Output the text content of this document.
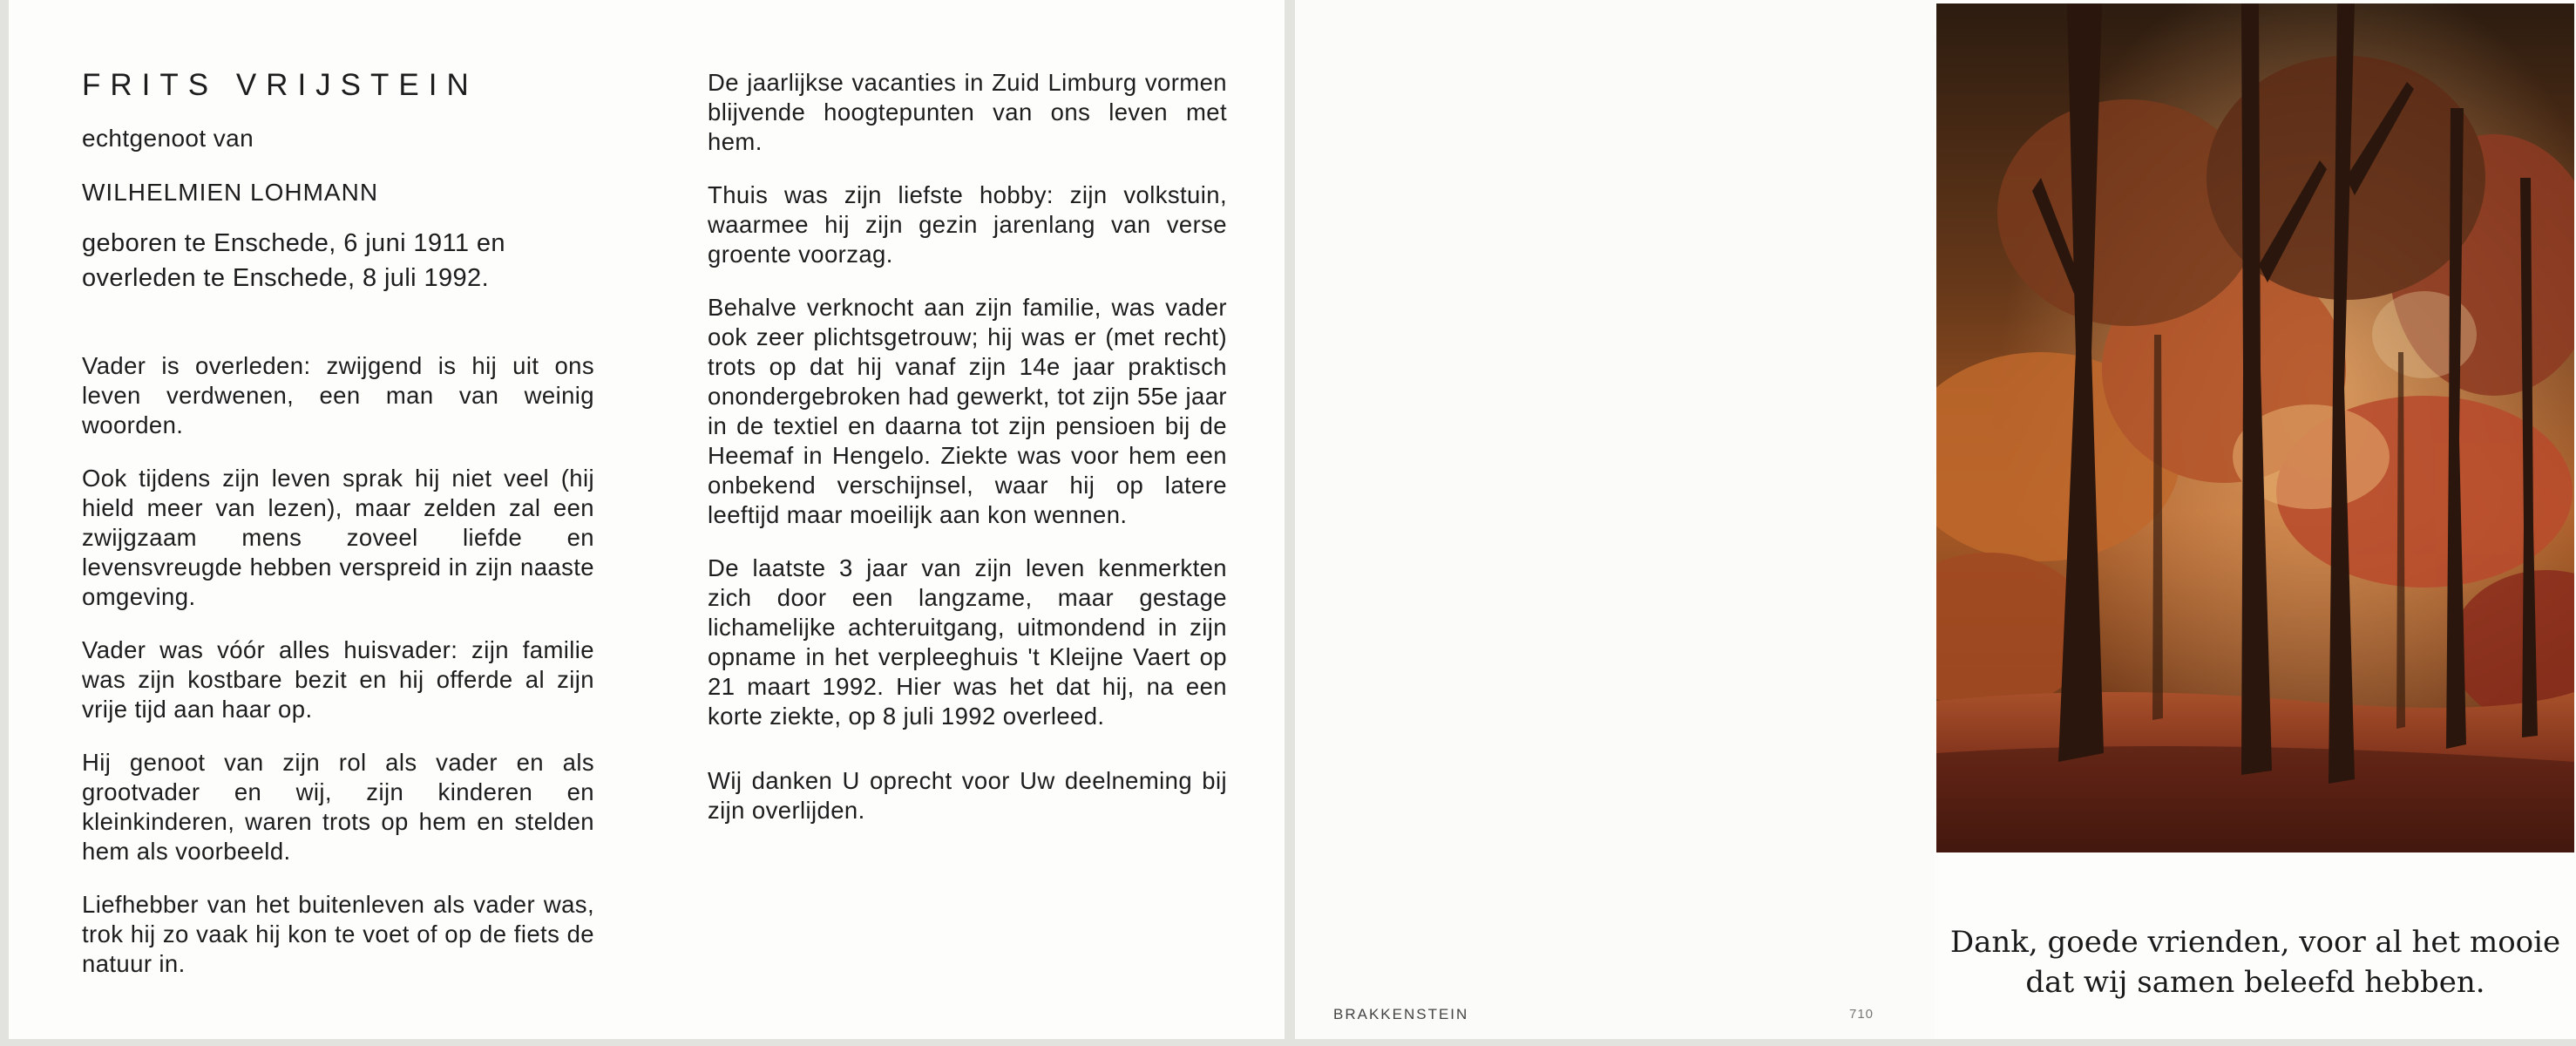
FRITS VRIJSTEIN

echtgenoot van

WILHELMIEN LOHMANN

geboren te Enschede, 6 juni 1911 en
overleden te Enschede, 8 juli 1992.

Vader is overleden: zwijgend is hij uit ons leven verdwenen, een man van weinig woorden.

Ook tijdens zijn leven sprak hij niet veel (hij hield meer van lezen), maar zelden zal een zwijgzaam mens zoveel liefde en levensvreugde hebben verspreid in zijn naaste omgeving.

Vader was vóór alles huisvader: zijn familie was zijn kostbare bezit en hij offerde al zijn vrije tijd aan haar op.

Hij genoot van zijn rol als vader en als grootvader en wij, zijn kinderen en kleinkinderen, waren trots op hem en stelden hem als voorbeeld.

Liefhebber van het buitenleven als vader was, trok hij zo vaak hij kon te voet of op de fiets de natuur in.

De jaarlijkse vacanties in Zuid Limburg vormen blijvende hoogtepunten van ons leven met hem.

Thuis was zijn liefste hobby: zijn volkstuin, waarmee hij zijn gezin jarenlang van verse groente voorzag.

Behalve verknocht aan zijn familie, was vader ook zeer plichtsgetrouw; hij was er (met recht) trots op dat hij vanaf zijn 14e jaar praktisch onondergebroken had gewerkt, tot zijn 55e jaar in de textiel en daarna tot zijn pensioen bij de Heemaf in Hengelo. Ziekte was voor hem een onbekend verschijnsel, waar hij op latere leeftijd maar moeilijk aan kon wennen.

De laatste 3 jaar van zijn leven kenmerkten zich door een langzame, maar gestage lichamelijke achteruitgang, uitmondend in zijn opname in het verpleeghuis 't Kleijne Vaert op 21 maart 1992. Hier was het dat hij, na een korte ziekte, op 8 juli 1992 overleed.

Wij danken U oprecht voor Uw deelneming bij zijn overlijden.

BRAKKENSTEIN	710

Dank, goede vrienden, voor al het mooie
dat wij samen beleefd hebben.
